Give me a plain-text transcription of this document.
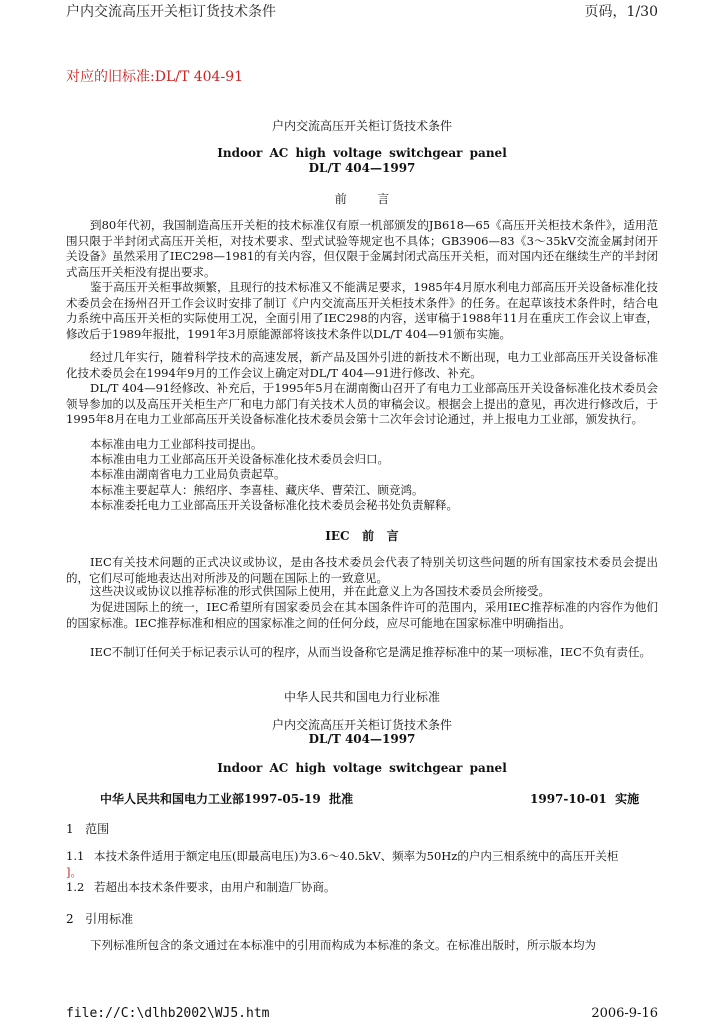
户内交流高压开关柜订货技术条件	页码，1/30
对应的旧标准:DL/T 404-91
户内交流高压开关柜订货技术条件
Indoor AC high voltage switchgear panel
DL/T 404—1997
前        言
到80年代初，我国制造高压开关柜的技术标准仅有原一机部颁发的JB618—65《高压开关柜技术条件》，适用范围只限于半封闭式高压开关柜，对技术要求、型式试验等规定也不具体；GB3906—83《3～35kV交流金属封闭开关设备》虽然采用了IEC298—1981的有关内容，但仅限于金属封闭式高压开关柜，而对国内还在继续生产的半封闭式高压开关柜没有提出要求。
鉴于高压开关柜事故频繁，且现行的技术标准又不能满足要求，1985年4月原水利电力部高压开关设备标准化技术委员会在扬州召开工作会议时安排了制订《户内交流高压开关柜技术条件》的任务。在起草该技术条件时，结合电力系统中高压开关柜的实际使用工况，全面引用了IEC298的内容，送审稿于1988年11月在重庆工作会议上审查，修改后于1989年报批，1991年3月原能源部将该技术条件以DL/T 404—91颁布实施。
经过几年实行，随着科学技术的高速发展，新产品及国外引进的新技术不断出现，电力工业部高压开关设备标准化技术委员会在1994年9月的工作会议上确定对DL/T 404—91进行修改、补充。
DL/T 404—91经修改、补充后，于1995年5月在湖南衡山召开了有电力工业部高压开关设备标准化技术委员会领导参加的以及高压开关柜生产厂和电力部门有关技术人员的审稿会议。根据会上提出的意见，再次进行修改后，于1995年8月在电力工业部高压开关设备标准化技术委员会第十二次年会讨论通过，并上报电力工业部，颁发执行。
本标准由电力工业部科技司提出。
本标准由电力工业部高压开关设备标准化技术委员会归口。
本标准由湖南省电力工业局负责起草。
本标准主要起草人：熊绍序、李喜桂、藏庆华、曹荣江、顾竞鸿。
本标准委托电力工业部高压开关设备标准化技术委员会秘书处负责解释。
IEC   前   言
IEC有关技术问题的正式决议或协议，是由各技术委员会代表了特别关切这些问题的所有国家技术委员会提出的，它们尽可能地表达出对所涉及的问题在国际上的一致意见。
这些决议或协议以推荐标准的形式供国际上使用，并在此意义上为各国技术委员会所接受。
为促进国际上的统一，IEC希望所有国家委员会在其本国条件许可的范围内，采用IEC推荐标准的内容作为他们的国家标准。IEC推荐标准和相应的国家标准之间的任何分歧，应尽可能地在国家标准中明确指出。
IEC不制订任何关于标记表示认可的程序，从而当设备称它是满足推荐标准中的某一项标准，IEC不负有责任。
中华人民共和国电力行业标准
户内交流高压开关柜订货技术条件
DL/T 404—1997
Indoor AC high voltage switchgear panel
中华人民共和国电力工业部1997-05-19  批准	1997-10-01  实施
1   范围
1.1 本技术条件适用于额定电压(即最高电压)为3.6～40.5kV、频率为50Hz的户内三相系统中的高压开关柜
]。
1.2 若超出本技术条件要求，由用户和制造厂协商。
2   引用标准
下列标准所包含的条文通过在本标准中的引用而构成为本标准的条文。在标准出版时，所示版本均为
file://C:\dlhb2002\WJ5.htm	2006-9-16
